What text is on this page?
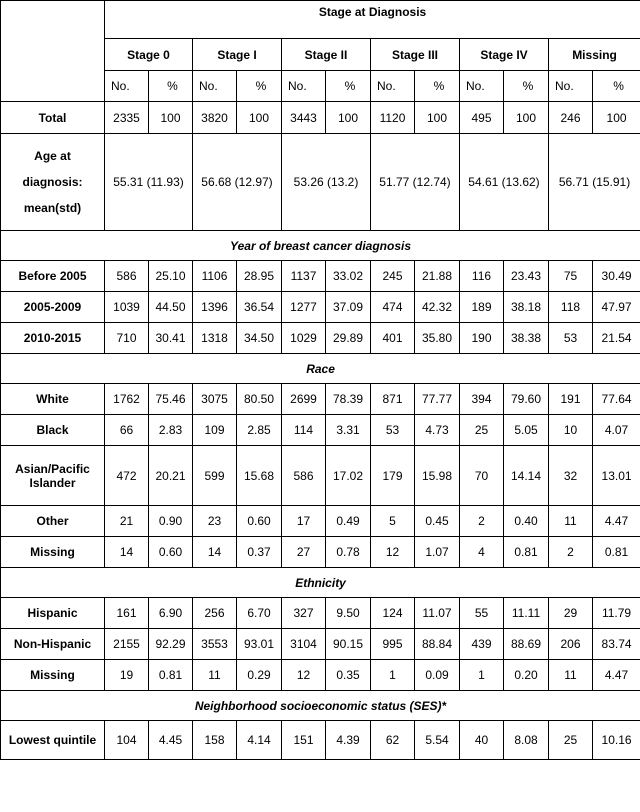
	Stage at Diagnosis											
	Stage 0		Stage I		Stage II		Stage III		Stage IV		Missing	
	No.	%	No.	%	No.	%	No.	%	No.	%	No.	%
Total	2335	100	3820	100	3443	100	1120	100	495	100	246	100
Age at
diagnosis:
mean(std)	55.31 (11.93)		56.68 (12.97)		53.26 (13.2)		51.77 (12.74)		54.61 (13.62)		56.71 (15.91)	
Year of breast cancer diagnosis												
Before 2005	586	25.10	1106	28.95	1137	33.02	245	21.88	116	23.43	75	30.49
2005-2009	1039	44.50	1396	36.54	1277	37.09	474	42.32	189	38.18	118	47.97
2010-2015	710	30.41	1318	34.50	1029	29.89	401	35.80	190	38.38	53	21.54
Race												
White	1762	75.46	3075	80.50	2699	78.39	871	77.77	394	79.60	191	77.64
Black	66	2.83	109	2.85	114	3.31	53	4.73	25	5.05	10	4.07
Asian/Pacific
Islander	472	20.21	599	15.68	586	17.02	179	15.98	70	14.14	32	13.01
Other	21	0.90	23	0.60	17	0.49	5	0.45	2	0.40	11	4.47
Missing	14	0.60	14	0.37	27	0.78	12	1.07	4	0.81	2	0.81
Ethnicity												
Hispanic	161	6.90	256	6.70	327	9.50	124	11.07	55	11.11	29	11.79
Non-Hispanic	2155	92.29	3553	93.01	3104	90.15	995	88.84	439	88.69	206	83.74
Missing	19	0.81	11	0.29	12	0.35	1	0.09	1	0.20	11	4.47
Neighborhood socioeconomic status (SES)*												
Lowest quintile	104	4.45	158	4.14	151	4.39	62	5.54	40	8.08	25	10.16
